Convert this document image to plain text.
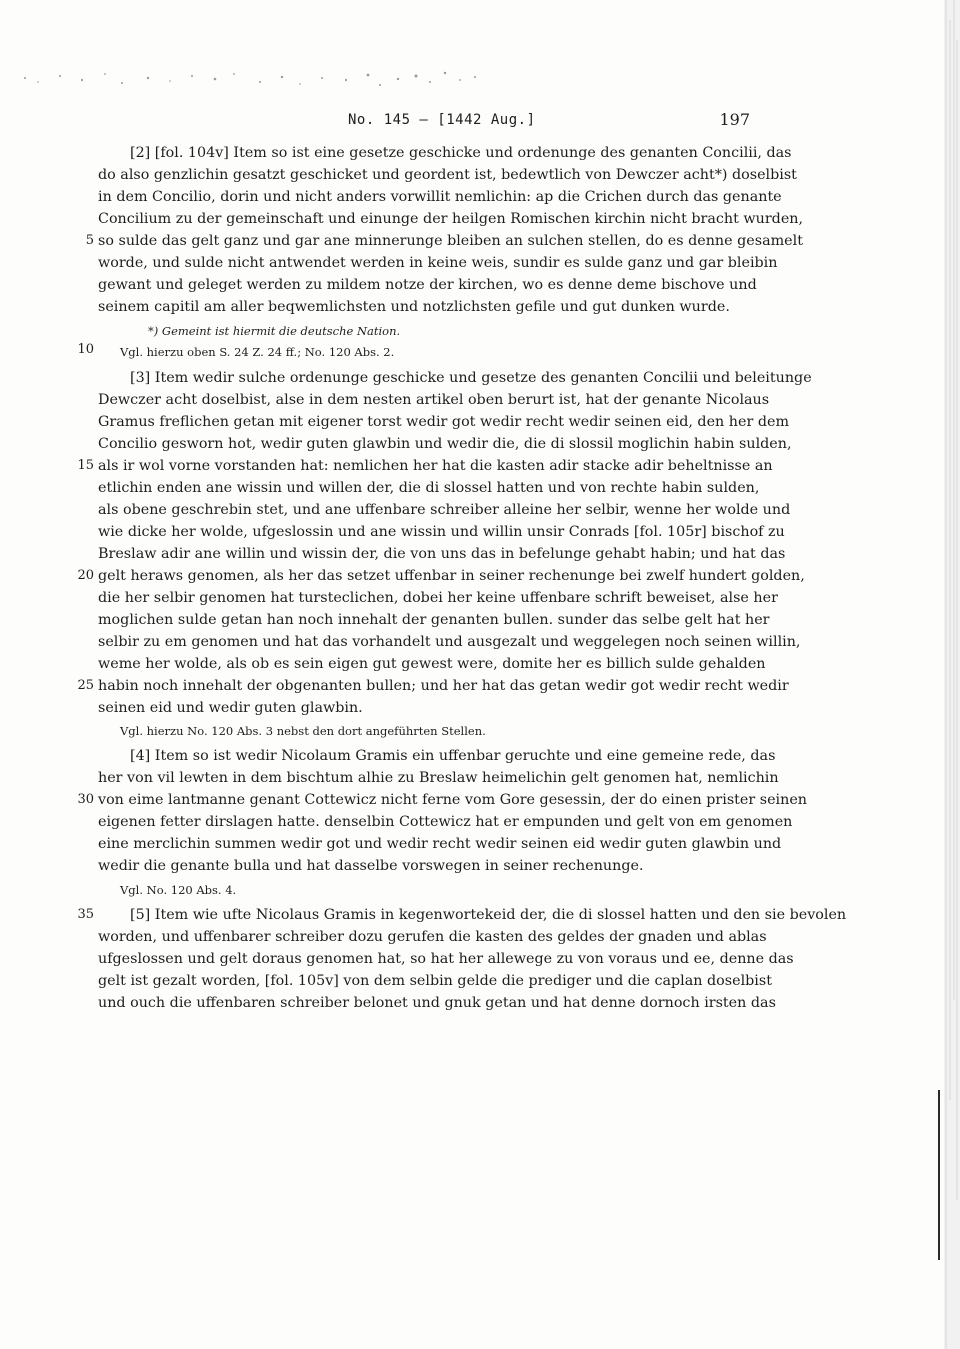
No. 145 — [1442 Aug.]	197
[2] [fol. 104v] Item so ist eine gesetze geschicke und ordenunge des genanten Concilii, das
do also genzlichin gesatzt geschicket und geordent ist, bedewtlich von Dewczer acht*) doselbist
in dem Concilio, dorin und nicht anders vorwillit nemlichin: ap die Crichen durch das genante
Concilium zu der gemeinschaft und einunge der heilgen Romischen kirchin nicht bracht wurden,
so sulde das gelt ganz und gar ane minnerunge bleiben an sulchen stellen, do es denne gesamelt
worde, und sulde nicht antwendet werden in keine weis, sundir es sulde ganz und gar bleibin
gewant und geleget werden zu mildem notze der kirchen, wo es denne deme bischove und
seinem capitil am aller beqwemlichsten und notzlichsten gefile und gut dunken wurde.
*) Gemeint ist hiermit die deutsche Nation.
Vgl. hierzu oben S. 24 Z. 24 ff.; No. 120 Abs. 2.
[3] Item wedir sulche ordenunge geschicke und gesetze des genanten Concilii und beleitunge
Dewczer acht doselbist, alse in dem nesten artikel oben berurt ist, hat der genante Nicolaus
Gramus freflichen getan mit eigener torst wedir got wedir recht wedir seinen eid, den her dem
Concilio gesworn hot, wedir guten glawbin und wedir die, die di slossil moglichin habin sulden,
als ir wol vorne vorstanden hat: nemlichen her hat die kasten adir stacke adir beheltnisse an
etlichin enden ane wissin und willen der, die di slossel hatten und von rechte habin sulden,
als obene geschrebin stet, und ane uffenbare schreiber alleine her selbir, wenne her wolde und
wie dicke her wolde, ufgeslossin und ane wissin und willin unsir Conrads [fol. 105r] bischof zu
Breslaw adir ane willin und wissin der, die von uns das in befelunge gehabt habin; und hat das
gelt heraws genomen, als her das setzet uffenbar in seiner rechenunge bei zwelf hundert golden,
die her selbir genomen hat tursteclichen, dobei her keine uffenbare schrift beweiset, alse her
moglichen sulde getan han noch innehalt der genanten bullen. sunder das selbe gelt hat her
selbir zu em genomen und hat das vorhandelt und ausgezalt und weggelegen noch seinen willin,
weme her wolde, als ob es sein eigen gut gewest were, domite her es billich sulde gehalden
habin noch innehalt der obgenanten bullen; und her hat das getan wedir got wedir recht wedir
seinen eid und wedir guten glawbin.
Vgl. hierzu No. 120 Abs. 3 nebst den dort angeführten Stellen.
[4] Item so ist wedir Nicolaum Gramis ein uffenbar geruchte und eine gemeine rede, das
her von vil lewten in dem bischtum alhie zu Breslaw heimelichin gelt genomen hat, nemlichin
von eime lantmanne genant Cottewicz nicht ferne vom Gore gesessin, der do einen prister seinen
eigenen fetter dirslagen hatte. denselbin Cottewicz hat er empunden und gelt von em genomen
eine merclichin summen wedir got und wedir recht wedir seinen eid wedir guten glawbin und
wedir die genante bulla und hat dasselbe vorswegen in seiner rechenunge.
Vgl. No. 120 Abs. 4.
[5] Item wie ufte Nicolaus Gramis in kegenwortekeid der, die di slossel hatten und den sie bevolen
worden, und uffenbarer schreiber dozu gerufen die kasten des geldes der gnaden und ablas
ufgeslossen und gelt doraus genomen hat, so hat her allewege zu von voraus und ee, denne das
gelt ist gezalt worden, [fol. 105v] von dem selbin gelde die prediger und die caplan doselbist
und ouch die uffenbaren schreiber belonet und gnuk getan und hat denne dornoch irsten das
5
10
15
20
25
30
35
